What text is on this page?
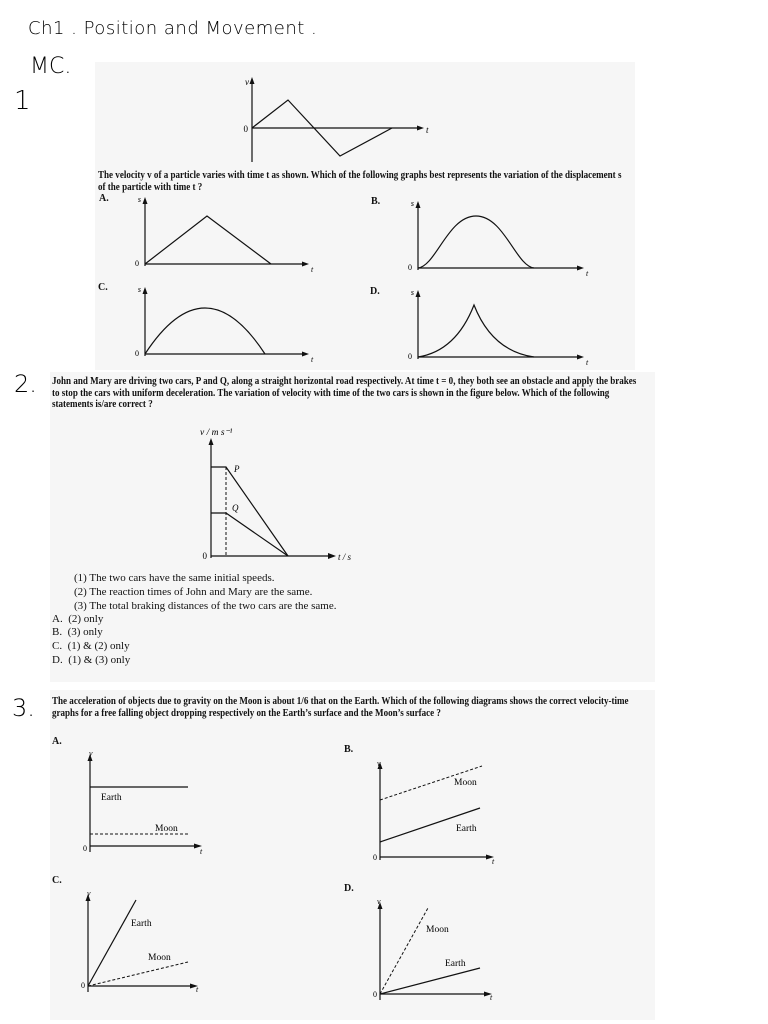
Ch1 . Position and Movement .
MC.
1
v
0	t
The velocity v of a particle varies with time t as shown. Which of the following graphs best represents the variation of the displacement s of the particle with time t ?
A.	B.
C.	D.
s
0
t
s
0
t
s
0
t
s
0
t
2. John and Mary are driving two cars, P and Q, along a straight horizontal road respectively. At time t = 0, they both see an obstacle and apply the brakes to stop the cars with uniform deceleration. The variation of velocity with time of the two cars is shown in the figure below. Which of the following statements is/are correct ?
v / m s⁻¹
P
Q
0	t / s
(1) The two cars have the same initial speeds.
(2) The reaction times of John and Mary are the same.
(3) The total braking distances of the two cars are the same.
A. (2) only
B. (3) only
C. (1) & (2) only
D. (1) & (3) only
3. The acceleration of objects due to gravity on the Moon is about 1/6 that on the Earth. Which of the following diagrams shows the correct velocity-time graphs for a free falling object dropping respectively on the Earth’s surface and the Moon’s surface ?
A.
B.
C.
D.
v
Earth
Moon
0	t
v
Moon
Earth
0	t
v
Earth
Moon
0	t
v
Moon
Earth
0	t
